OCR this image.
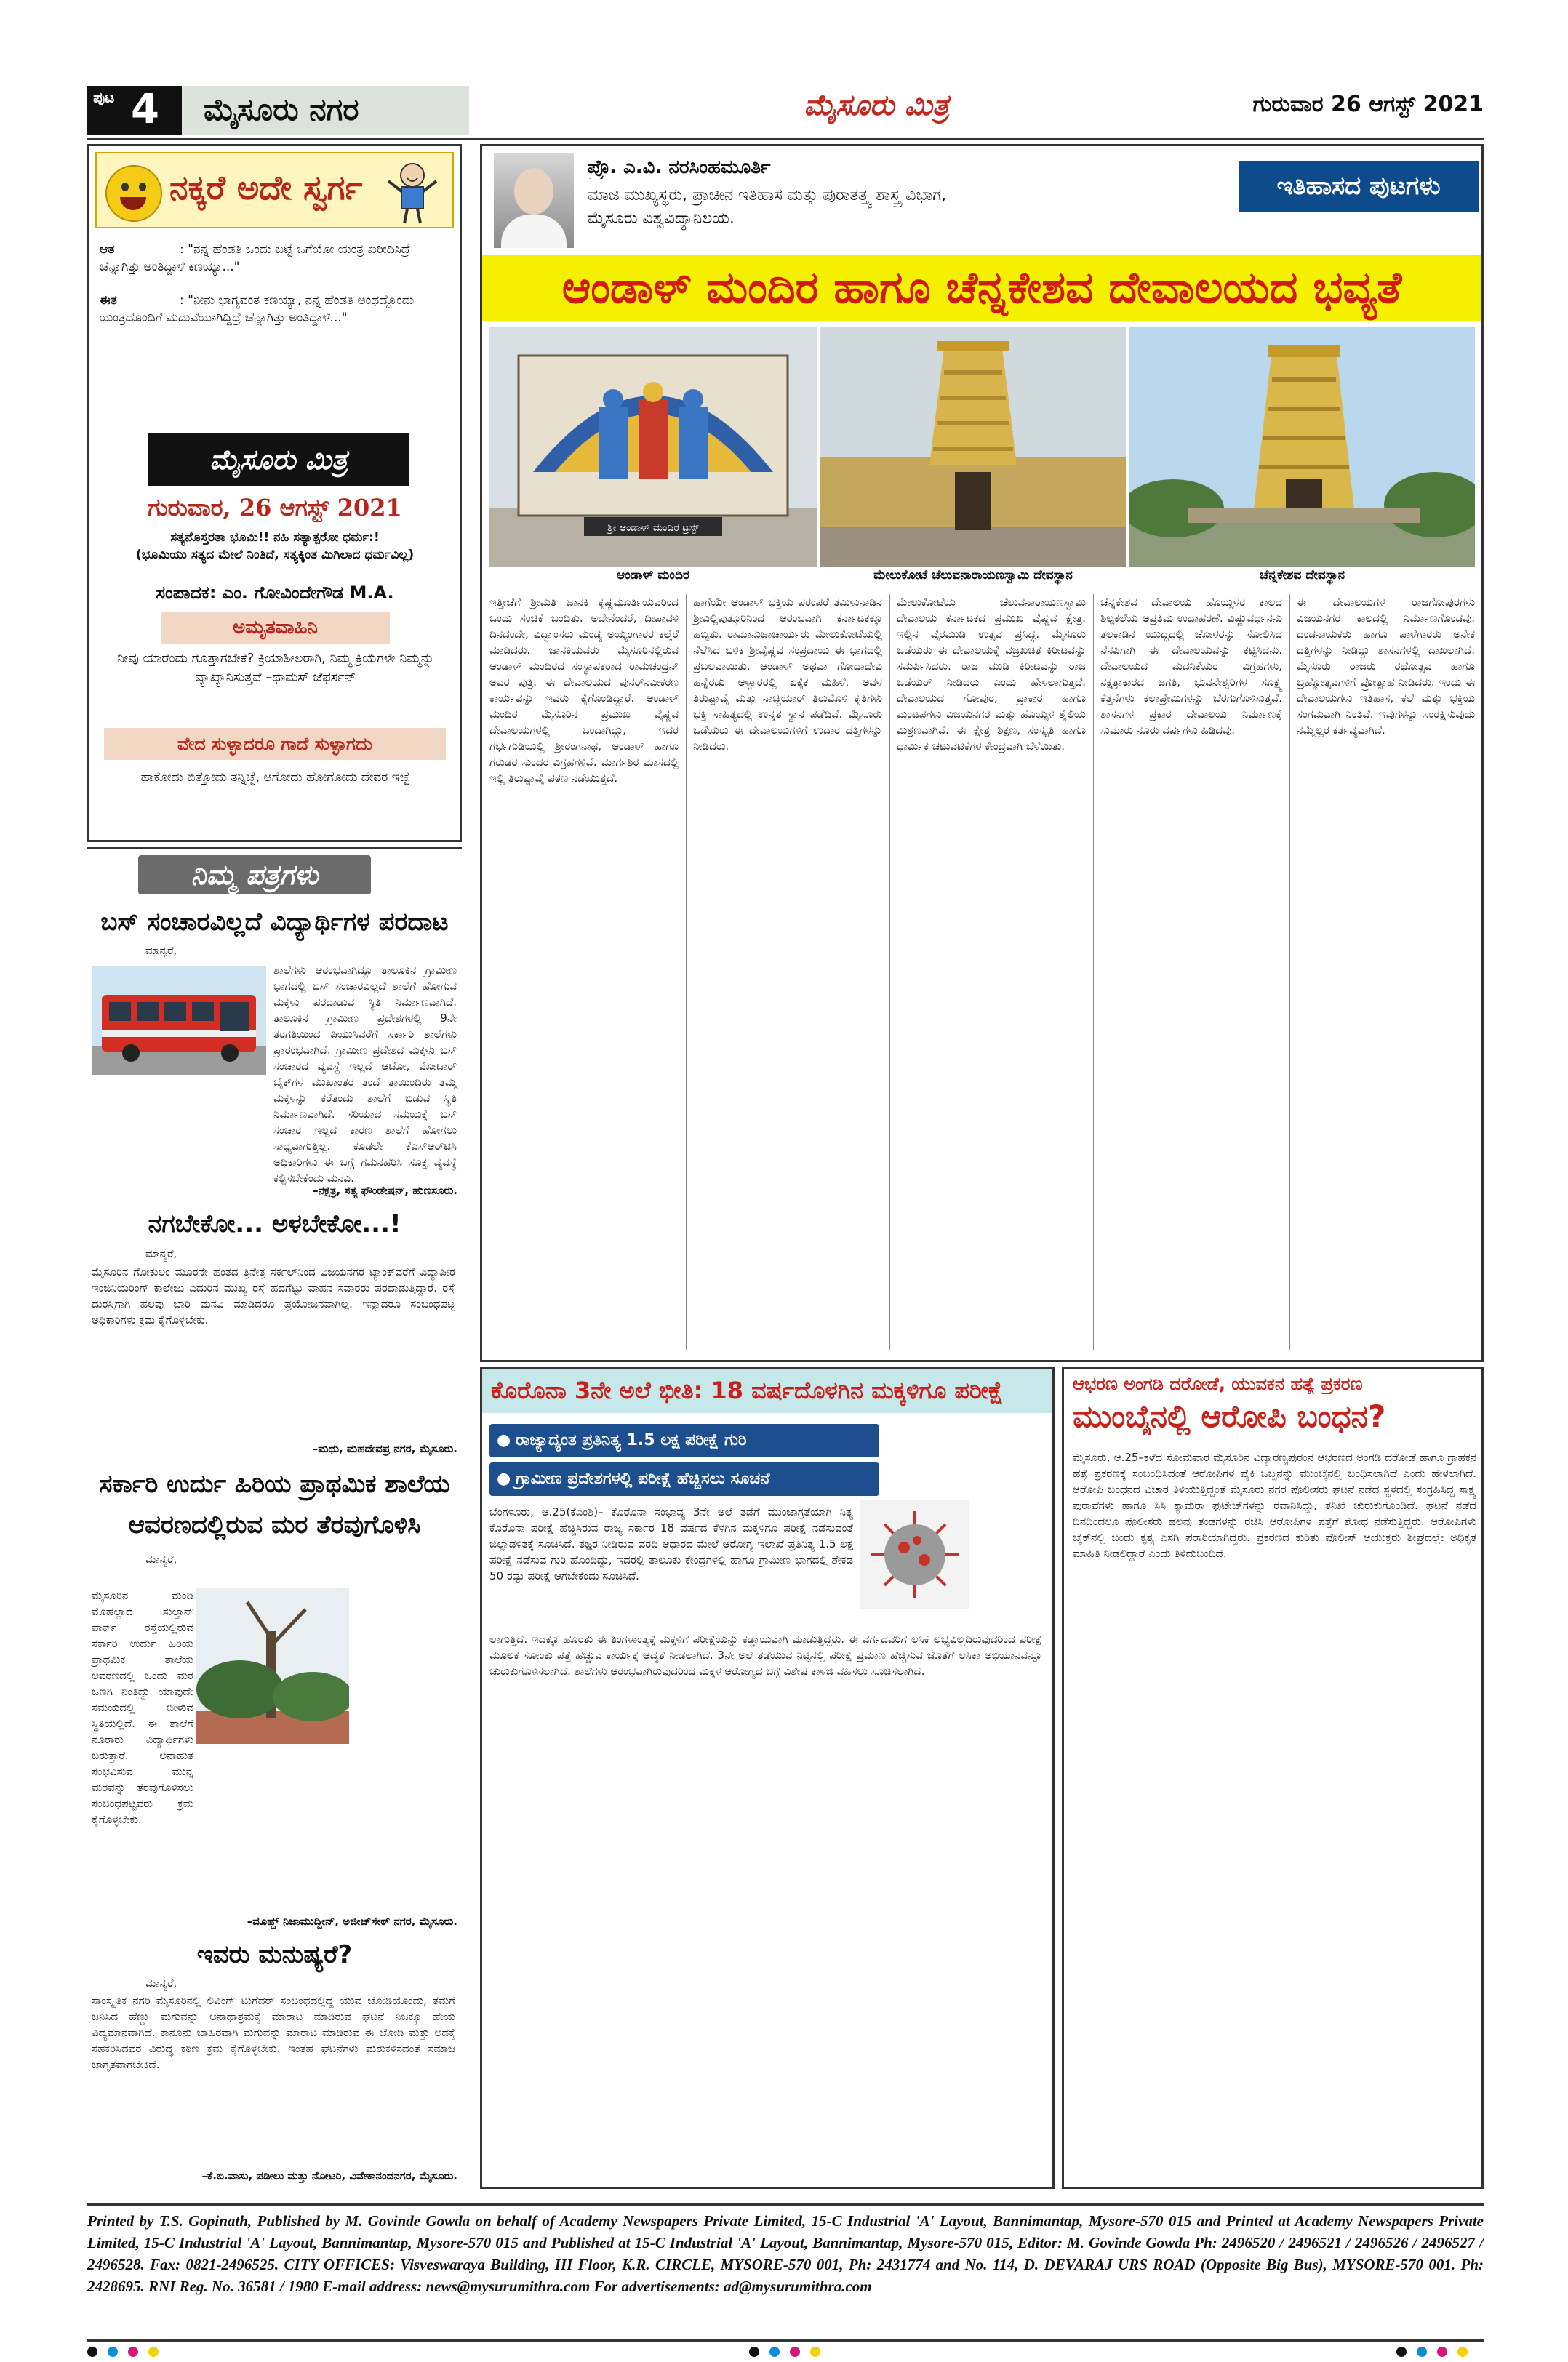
ಪುಟ 4	ಮೈಸೂರು ನಗರ	ಮೈಸೂರು ಮಿತ್ರ	ಗುರುವಾರ 26 ಆಗಸ್ಟ್ 2021
ನಕ್ಕರೆ ಅದೇ ಸ್ವರ್ಗ
ಆತ	: "ನನ್ನ ಹೆಂಡತಿ ಒಂದು ಬಟ್ಟೆ ಒಗೆಯೋ ಯಂತ್ರ ಖರೀದಿಸಿದ್ರೆ ಚೆನ್ನಾಗಿತ್ತು ಅಂತಿದ್ದಾಳೆ ಕಣಯ್ಯಾ..."
ಈತ	: "ನೀನು ಭಾಗ್ಯವಂತ ಕಣಯ್ಯಾ, ನನ್ನ ಹೆಂಡತಿ ಅಂಥದ್ದೊಂದು ಯಂತ್ರದೊಂದಿಗೆ ಮದುವೆಯಾಗಿದ್ದಿದ್ರೆ ಚೆನ್ನಾಗಿತ್ತು ಅಂತಿದ್ದಾಳೆ..."
ಮೈಸೂರು ಮಿತ್ರ
ಗುರುವಾರ, 26 ಆಗಸ್ಟ್ 2021
ಸತ್ಯನೊಸ್ತರತಾ ಭೂಮಿ!! ನಹಿ ಸತ್ಯಾತ್ಪರೋ ಧರ್ಮ:!
(ಭೂಮಿಯು ಸತ್ಯದ ಮೇಲೆ ನಿಂತಿದೆ, ಸತ್ಯಕ್ಕಿಂತ ಮಿಗಿಲಾದ ಧರ್ಮವಿಲ್ಲ)
ಸಂಪಾದಕ: ಎಂ. ಗೋವಿಂದೇಗೌಡ M.A.
ಅಮೃತವಾಹಿನಿ
ನೀವು ಯಾರೆಂದು ಗೊತ್ತಾಗಬೇಕೆ? ಕ್ರಿಯಾಶೀಲರಾಗಿ, ನಿಮ್ಮ ಕ್ರಿಯೆಗಳೇ ನಿಮ್ಮನ್ನು ವ್ಯಾಖ್ಯಾನಿಸುತ್ತವೆ –ಥಾಮಸ್ ಜೆಫರ್ಸನ್
ವೇದ ಸುಳ್ಳಾದರೂ ಗಾದೆ ಸುಳ್ಳಾಗದು
ಹಾಕೋದು ಬಿತ್ತೋದು ತನ್ನಿಚ್ಛೆ, ಆಗೋದು ಹೋಗೋದು ದೇವರ ಇಚ್ಛೆ
ನಿಮ್ಮ ಪತ್ರಗಳು
ಬಸ್ ಸಂಚಾರವಿಲ್ಲದೆ ವಿದ್ಯಾರ್ಥಿಗಳ ಪರದಾಟ
ಮಾನ್ಯರೆ,
ಶಾಲೆಗಳು ಆರಂಭವಾಗಿದ್ದೂ ತಾಲೂಕಿನ ಗ್ರಾಮೀಣ ಭಾಗದಲ್ಲಿ ಬಸ್ ಸಂಚಾರವಿಲ್ಲದೆ ಶಾಲೆಗೆ ಹೋಗುವ ಮಕ್ಕಳು ಪರದಾಡುವ ಸ್ಥಿತಿ ನಿರ್ಮಾಣವಾಗಿದೆ. ತಾಲೂಕಿನ ಗ್ರಾಮೀಣ ಪ್ರದೇಶಗಳಲ್ಲಿ 9ನೇ ತರಗತಿಯಿಂದ ಪಿಯುಸಿವರೆಗೆ ಸರ್ಕಾರಿ ಶಾಲೆಗಳು ಪ್ರಾರಂಭವಾಗಿದೆ. ಗ್ರಾಮೀಣ ಪ್ರದೇಶದ ಮಕ್ಕಳು ಬಸ್ ಸಂಚಾರದ ವ್ಯವಸ್ಥೆ ಇಲ್ಲದೆ ಆಟೋ, ಮೋಟಾರ್ ಬೈಕ್‌ಗಳ ಮುಖಾಂತರ ತಂದೆ ತಾಯಿಂದಿರು ತಮ್ಮ ಮಕ್ಕಳನ್ನು ಕರೆತಂದು ಶಾಲೆಗೆ ಬಿಡುವ ಸ್ಥಿತಿ ನಿರ್ಮಾಣವಾಗಿದೆ. ಸರಿಯಾದ ಸಮಯಕ್ಕೆ ಬಸ್ ಸಂಚಾರ ಇಲ್ಲದ ಕಾರಣ ಶಾಲೆಗೆ ಹೋಗಲು ಸಾಧ್ಯವಾಗುತ್ತಿಲ್ಲ. ಕೂಡಲೇ ಕೆಎಸ್‌ಆರ್‌ಟಿಸಿ ಅಧಿಕಾರಿಗಳು ಈ ಬಗ್ಗೆ ಗಮನಹರಿಸಿ ಸೂಕ್ತ ವ್ಯವಸ್ಥೆ ಕಲ್ಪಿಸಬೇಕೆಂದು ಮನವಿ.
–ನಕ್ಷತ್ರ, ಸತ್ಯ ಫೌಂಡೇಷನ್, ಹುಣಸೂರು.
ನಗಬೇಕೋ... ಅಳಬೇಕೋ...!
ಮಾನ್ಯರೆ,
ಮೈಸೂರಿನ ಗೋಕುಲಂ ಮೂರನೇ ಹಂತದ ತ್ರಿನೇತ್ರ ಸರ್ಕಲ್‌ನಿಂದ ವಿಜಯನಗರ ಟ್ಯಾಂಕ್‌ವರೆಗೆ ವಿದ್ಯಾಪೀಠ ಇಂಜಿನಿಯರಿಂಗ್ ಕಾಲೇಜು ಎದುರಿನ ಮುಖ್ಯ ರಸ್ತೆ ಹದಗೆಟ್ಟು ವಾಹನ ಸವಾರರು ಪರದಾಡುತ್ತಿದ್ದಾರೆ. ರಸ್ತೆ ದುರಸ್ತಿಗಾಗಿ ಹಲವು ಬಾರಿ ಮನವಿ ಮಾಡಿದರೂ ಪ್ರಯೋಜನವಾಗಿಲ್ಲ. ಇನ್ನಾದರೂ ಸಂಬಂಧಪಟ್ಟ ಅಧಿಕಾರಿಗಳು ಕ್ರಮ ಕೈಗೊಳ್ಳಬೇಕು.
–ಮಧು, ಮಹದೇವಪ್ರ ನಗರ, ಮೈಸೂರು.
ಸರ್ಕಾರಿ ಉರ್ದು ಹಿರಿಯ ಪ್ರಾಥಮಿಕ ಶಾಲೆಯ ಆವರಣದಲ್ಲಿರುವ ಮರ ತೆರವುಗೊಳಿಸಿ
ಮಾನ್ಯರೆ,
ಮೈಸೂರಿನ ಮಂಡಿ ಮೊಹಲ್ಲಾದ ಸುಲ್ತಾನ್ ಪಾರ್ಕ್ ರಸ್ತೆಯಲ್ಲಿರುವ ಸರ್ಕಾರಿ ಉರ್ದು ಹಿರಿಯ ಪ್ರಾಥಮಿಕ ಶಾಲೆಯ ಆವರಣದಲ್ಲಿ ಒಂದು ಮರ ಒಣಗಿ ನಿಂತಿದ್ದು ಯಾವುದೇ ಸಮಯದಲ್ಲಿ ಬೀಳುವ ಸ್ಥಿತಿಯಲ್ಲಿದೆ. ಈ ಶಾಲೆಗೆ ನೂರಾರು ವಿದ್ಯಾರ್ಥಿಗಳು ಬರುತ್ತಾರೆ. ಅನಾಹುತ ಸಂಭವಿಸುವ ಮುನ್ನ ಮರವನ್ನು ತೆರವುಗೊಳಿಸಲು ಸಂಬಂಧಪಟ್ಟವರು ಕ್ರಮ ಕೈಗೊಳ್ಳಬೇಕು.
–ಮೊಹ್ದ್ ನಿಜಾಮುದ್ದೀನ್, ಅಜೀಜ್‌ಸೇಠ್ ನಗರ, ಮೈಸೂರು.
ಇವರು ಮನುಷ್ಯರೆ?
ಮಾನ್ಯರೆ,
ಸಾಂಸ್ಕೃತಿಕ ನಗರಿ ಮೈಸೂರಿನಲ್ಲಿ ಲಿವಿಂಗ್ ಟುಗೆದರ್ ಸಂಬಂಧದಲ್ಲಿದ್ದ ಯುವ ಜೋಡಿಯೊಂದು, ತಮಗೆ ಜನಿಸಿದ ಹೆಣ್ಣು ಮಗುವನ್ನು ಅನಾಥಾಶ್ರಮಕ್ಕೆ ಮಾರಾಟ ಮಾಡಿರುವ ಘಟನೆ ನಿಜಕ್ಕೂ ಹೇಯ ವಿದ್ಯಮಾನವಾಗಿದೆ. ಕಾನೂನು ಬಾಹಿರವಾಗಿ ಮಗುವನ್ನು ಮಾರಾಟ ಮಾಡಿರುವ ಈ ಜೋಡಿ ಮತ್ತು ಅದಕ್ಕೆ ಸಹಕರಿಸಿದವರ ವಿರುದ್ಧ ಕಠಿಣ ಕ್ರಮ ಕೈಗೊಳ್ಳಬೇಕು. ಇಂತಹ ಘಟನೆಗಳು ಮರುಕಳಿಸದಂತೆ ಸಮಾಜ ಜಾಗೃತವಾಗಬೇಕಿದೆ.
–ಕೆ.ಬಿ.ವಾಸು, ಪಡೀಲು ಮತ್ತು ನೋಟರಿ, ವಿವೇಕಾನಂದನಗರ, ಮೈಸೂರು.
ಪ್ರೊ. ಎ.ವಿ. ನರಸಿಂಹಮೂರ್ತಿ
ಮಾಜಿ ಮುಖ್ಯಸ್ಥರು, ಪ್ರಾಚೀನ ಇತಿಹಾಸ ಮತ್ತು ಪುರಾತತ್ತ್ವ ಶಾಸ್ತ್ರ ವಿಭಾಗ,
ಮೈಸೂರು ವಿಶ್ವವಿದ್ಯಾನಿಲಯ.
ಇತಿಹಾಸದ ಪುಟಗಳು
ಆಂಡಾಳ್ ಮಂದಿರ ಹಾಗೂ ಚೆನ್ನಕೇಶವ ದೇವಾಲಯದ ಭವ್ಯತೆ
ಶ್ರೀ ಆಂಡಾಳ್ ಮಂದಿರ ಟ್ರಸ್ಟ್
ಆಂಡಾಳ್ ಮಂದಿರ	ಮೇಲುಕೋಟೆ ಚೆಲುವನಾರಾಯಣಸ್ವಾಮಿ ದೇವಸ್ಥಾನ	ಚೆನ್ನಕೇಶವ ದೇವಸ್ಥಾನ
ಇತ್ತೀಚೆಗೆ ಶ್ರೀಮತಿ ಜಾನಕಿ ಕೃಷ್ಣಮೂರ್ತಿಯವರಿಂದ ಒಂದು ಸಂಚಿಕೆ ಬಂದಿತು. ಅದೇನೆಂದರೆ, ದೀಪಾವಳಿ ದಿನದಂದೇ, ವಿದ್ವಾಂಸರು ಮಂಡ್ಯ ಅಯ್ಯಂಗಾರರ ಕಲ್ಕೆರೆ ಮಾಡಿದರು. ಜಾನಕಿಯವರು ಮೈಸೂರಿನಲ್ಲಿರುವ ಆಂಡಾಳ್ ಮಂದಿರದ ಸಂಸ್ಥಾಪಕರಾದ ರಾಮಚಂದ್ರನ್ ಅವರ ಪುತ್ರಿ. ಈ ದೇವಾಲಯದ ಪುನರ್‌ನವೀಕರಣ ಕಾರ್ಯವನ್ನು ಇವರು ಕೈಗೊಂಡಿದ್ದಾರೆ. ಆಂಡಾಳ್ ಮಂದಿರ ಮೈಸೂರಿನ ಪ್ರಮುಖ ವೈಷ್ಣವ ದೇವಾಲಯಗಳಲ್ಲಿ ಒಂದಾಗಿದ್ದು, ಇದರ ಗರ್ಭಗುಡಿಯಲ್ಲಿ ಶ್ರೀರಂಗನಾಥ, ಆಂಡಾಳ್ ಹಾಗೂ ಗರುಡರ ಸುಂದರ ವಿಗ್ರಹಗಳಿವೆ. ಮಾರ್ಗಶಿರ ಮಾಸದಲ್ಲಿ ಇಲ್ಲಿ ತಿರುಪ್ಪಾವೈ ಪಠಣ ನಡೆಯುತ್ತದೆ.
ಹಾಗೆಯೇ ಆಂಡಾಳ್ ಭಕ್ತಿಯ ಪರಂಪರೆ ತಮಿಳುನಾಡಿನ ಶ್ರೀವಿಲ್ಲಿಪುತ್ತೂರಿನಿಂದ ಆರಂಭವಾಗಿ ಕರ್ನಾಟಕಕ್ಕೂ ಹಬ್ಬಿತು. ರಾಮಾನುಜಾಚಾರ್ಯರು ಮೇಲುಕೋಟೆಯಲ್ಲಿ ನೆಲೆಸಿದ ಬಳಿಕ ಶ್ರೀವೈಷ್ಣವ ಸಂಪ್ರದಾಯ ಈ ಭಾಗದಲ್ಲಿ ಪ್ರಬಲವಾಯಿತು. ಆಂಡಾಳ್ ಅಥವಾ ಗೋದಾದೇವಿ ಹನ್ನೆರಡು ಆಳ್ವಾರರಲ್ಲಿ ಏಕೈಕ ಮಹಿಳೆ. ಅವಳ ತಿರುಪ್ಪಾವೈ ಮತ್ತು ನಾಚ್ಚಿಯಾರ್ ತಿರುಮೊಳಿ ಕೃತಿಗಳು ಭಕ್ತಿ ಸಾಹಿತ್ಯದಲ್ಲಿ ಉನ್ನತ ಸ್ಥಾನ ಪಡೆದಿವೆ. ಮೈಸೂರು ಒಡೆಯರು ಈ ದೇವಾಲಯಗಳಿಗೆ ಉದಾರ ದತ್ತಿಗಳನ್ನು ನೀಡಿದರು.
ಮೇಲುಕೋಟೆಯ ಚೆಲುವನಾರಾಯಣಸ್ವಾಮಿ ದೇವಾಲಯ ಕರ್ನಾಟಕದ ಪ್ರಮುಖ ವೈಷ್ಣವ ಕ್ಷೇತ್ರ. ಇಲ್ಲಿನ ವೈರಮುಡಿ ಉತ್ಸವ ಪ್ರಸಿದ್ಧ. ಮೈಸೂರು ಒಡೆಯರು ಈ ದೇವಾಲಯಕ್ಕೆ ವಜ್ರಖಚಿತ ಕಿರೀಟವನ್ನು ಸಮರ್ಪಿಸಿದರು. ರಾಜ ಮುಡಿ ಕಿರೀಟವನ್ನು ರಾಜ ಒಡೆಯರ್ ನೀಡಿದರು ಎಂದು ಹೇಳಲಾಗುತ್ತದೆ. ದೇವಾಲಯದ ಗೋಪುರ, ಪ್ರಾಕಾರ ಹಾಗೂ ಮಂಟಪಗಳು ವಿಜಯನಗರ ಮತ್ತು ಹೊಯ್ಸಳ ಶೈಲಿಯ ಮಿಶ್ರಣವಾಗಿವೆ. ಈ ಕ್ಷೇತ್ರ ಶಿಕ್ಷಣ, ಸಂಸ್ಕೃತಿ ಹಾಗೂ ಧಾರ್ಮಿಕ ಚಟುವಟಿಕೆಗಳ ಕೇಂದ್ರವಾಗಿ ಬೆಳೆಯಿತು.
ಚೆನ್ನಕೇಶವ ದೇವಾಲಯ ಹೊಯ್ಸಳರ ಕಾಲದ ಶಿಲ್ಪಕಲೆಯ ಅಪ್ರತಿಮ ಉದಾಹರಣೆ. ವಿಷ್ಣುವರ್ಧನನು ತಲಕಾಡಿನ ಯುದ್ಧದಲ್ಲಿ ಚೋಳರನ್ನು ಸೋಲಿಸಿದ ನೆನಪಿಗಾಗಿ ಈ ದೇವಾಲಯವನ್ನು ಕಟ್ಟಿಸಿದನು. ದೇವಾಲಯದ ಮದನಿಕೆಯರ ವಿಗ್ರಹಗಳು, ನಕ್ಷತ್ರಾಕಾರದ ಜಗತಿ, ಭುವನೇಶ್ವರಿಗಳ ಸೂಕ್ಷ್ಮ ಕೆತ್ತನೆಗಳು ಕಲಾಪ್ರೇಮಿಗಳನ್ನು ಬೆರಗುಗೊಳಿಸುತ್ತವೆ. ಶಾಸನಗಳ ಪ್ರಕಾರ ದೇವಾಲಯ ನಿರ್ಮಾಣಕ್ಕೆ ಸುಮಾರು ನೂರು ವರ್ಷಗಳು ಹಿಡಿದವು.
ಈ ದೇವಾಲಯಗಳ ರಾಜಗೋಪುರಗಳು ವಿಜಯನಗರ ಕಾಲದಲ್ಲಿ ನಿರ್ಮಾಣಗೊಂಡವು. ದಂಡನಾಯಕರು ಹಾಗೂ ಪಾಳೆಗಾರರು ಅನೇಕ ದತ್ತಿಗಳನ್ನು ನೀಡಿದ್ದು ಶಾಸನಗಳಲ್ಲಿ ದಾಖಲಾಗಿದೆ. ಮೈಸೂರು ರಾಜರು ರಥೋತ್ಸವ ಹಾಗೂ ಬ್ರಹ್ಮೋತ್ಸವಗಳಿಗೆ ಪ್ರೋತ್ಸಾಹ ನೀಡಿದರು. ಇಂದು ಈ ದೇವಾಲಯಗಳು ಇತಿಹಾಸ, ಕಲೆ ಮತ್ತು ಭಕ್ತಿಯ ಸಂಗಮವಾಗಿ ನಿಂತಿವೆ. ಇವುಗಳನ್ನು ಸಂರಕ್ಷಿಸುವುದು ನಮ್ಮೆಲ್ಲರ ಕರ್ತವ್ಯವಾಗಿದೆ.
ಕೊರೊನಾ 3ನೇ ಅಲೆ ಭೀತಿ: 18 ವರ್ಷದೊಳಗಿನ ಮಕ್ಕಳಿಗೂ ಪರೀಕ್ಷೆ
● ರಾಜ್ಯಾದ್ಯಂತ ಪ್ರತಿನಿತ್ಯ 1.5 ಲಕ್ಷ ಪರೀಕ್ಷೆ ಗುರಿ
● ಗ್ರಾಮೀಣ ಪ್ರದೇಶಗಳಲ್ಲಿ ಪರೀಕ್ಷೆ ಹೆಚ್ಚಿಸಲು ಸೂಚನೆ
ಬೆಂಗಳೂರು, ಆ.25(ಕೆಎಂಶಿ)– ಕೊರೊನಾ ಸಂಭಾವ್ಯ 3ನೇ ಅಲೆ ತಡೆಗೆ ಮುಂಜಾಗ್ರತೆಯಾಗಿ ನಿತ್ಯ ಕೊರೊನಾ ಪರೀಕ್ಷೆ ಹೆಚ್ಚಿಸಿರುವ ರಾಜ್ಯ ಸರ್ಕಾರ 18 ವರ್ಷದ ಕೆಳಗಿನ ಮಕ್ಕಳಿಗೂ ಪರೀಕ್ಷೆ ನಡೆಸುವಂತೆ ಜಿಲ್ಲಾಡಳಿತಕ್ಕೆ ಸೂಚಿಸಿದೆ. ತಜ್ಞರ ನೀಡಿರುವ ವರದಿ ಆಧಾರದ ಮೇಲೆ ಆರೋಗ್ಯ ಇಲಾಖೆ ಪ್ರತಿನಿತ್ಯ 1.5 ಲಕ್ಷ ಪರೀಕ್ಷೆ ನಡೆಸುವ ಗುರಿ ಹೊಂದಿದ್ದು, ಇದರಲ್ಲಿ ತಾಲೂಕು ಕೇಂದ್ರಗಳಲ್ಲಿ ಹಾಗೂ ಗ್ರಾಮೀಣ ಭಾಗದಲ್ಲಿ ಶೇಕಡ 50 ರಷ್ಟು ಪರೀಕ್ಷೆ ಆಗಬೇಕೆಂದು ಸೂಚಿಸಿದೆ.
ಲಾಗುತ್ತಿದೆ. ಇದಕ್ಕೂ ಹೊರತು ಈ ತಿಂಗಳಾಂತ್ಯಕ್ಕೆ ಮಕ್ಕಳಿಗೆ ಪರೀಕ್ಷೆಯನ್ನು ಕಡ್ಡಾಯವಾಗಿ ಮಾಡುತ್ತಿದ್ದರು. ಈ ವರ್ಗದವರಿಗೆ ಲಸಿಕೆ ಲಭ್ಯವಿಲ್ಲದಿರುವುದರಿಂದ ಪರೀಕ್ಷೆ ಮೂಲಕ ಸೋಂಕು ಪತ್ತೆ ಹಚ್ಚುವ ಕಾರ್ಯಕ್ಕೆ ಆದ್ಯತೆ ನೀಡಲಾಗಿದೆ. 3ನೇ ಅಲೆ ತಡೆಯುವ ನಿಟ್ಟಿನಲ್ಲಿ ಪರೀಕ್ಷೆ ಪ್ರಮಾಣ ಹೆಚ್ಚಿಸುವ ಜೊತೆಗೆ ಲಸಿಕಾ ಅಭಿಯಾನವನ್ನೂ ಚುರುಕುಗೊಳಿಸಲಾಗಿದೆ. ಶಾಲೆಗಳು ಆರಂಭವಾಗಿರುವುದರಿಂದ ಮಕ್ಕಳ ಆರೋಗ್ಯದ ಬಗ್ಗೆ ವಿಶೇಷ ಕಾಳಜಿ ವಹಿಸಲು ಸೂಚಿಸಲಾಗಿದೆ.
ಆಭರಣ ಅಂಗಡಿ ದರೋಡೆ, ಯುವಕನ ಹತ್ಯೆ ಪ್ರಕರಣ
ಮುಂಬೈನಲ್ಲಿ ಆರೋಪಿ ಬಂಧನ?
ಮೈಸೂರು, ಆ.25–ಕಳೆದ ಸೋಮವಾರ ಮೈಸೂರಿನ ವಿದ್ಯಾರಣ್ಯಪುರಂನ ಆಭರಣದ ಅಂಗಡಿ ದರೋಡೆ ಹಾಗೂ ಗ್ರಾಹಕನ ಹತ್ಯೆ ಪ್ರಕರಣಕ್ಕೆ ಸಂಬಂಧಿಸಿದಂತೆ ಆರೋಪಿಗಳ ಪೈಕಿ ಒಬ್ಬನನ್ನು ಮುಂಬೈನಲ್ಲಿ ಬಂಧಿಸಲಾಗಿದೆ ಎಂದು ಹೇಳಲಾಗಿದೆ. ಆರೋಪಿ ಬಂಧನದ ವಿಚಾರ ತಿಳಿಯುತ್ತಿದ್ದಂತೆ ಮೈಸೂರು ನಗರ ಪೊಲೀಸರು ಘಟನೆ ನಡೆದ ಸ್ಥಳದಲ್ಲಿ ಸಂಗ್ರಹಿಸಿದ್ದ ಸಾಕ್ಷ್ಯ ಪುರಾವೆಗಳು ಹಾಗೂ ಸಿಸಿ ಕ್ಯಾಮರಾ ಫುಟೇಜ್‌ಗಳನ್ನು ರವಾನಿಸಿದ್ದು, ತನಿಖೆ ಚುರುಕುಗೊಂಡಿದೆ. ಘಟನೆ ನಡೆದ ದಿನದಿಂದಲೂ ಪೊಲೀಸರು ಹಲವು ತಂಡಗಳನ್ನು ರಚಿಸಿ ಆರೋಪಿಗಳ ಪತ್ತೆಗೆ ಶೋಧ ನಡೆಸುತ್ತಿದ್ದರು. ಆರೋಪಿಗಳು ಬೈಕ್‌ನಲ್ಲಿ ಬಂದು ಕೃತ್ಯ ಎಸಗಿ ಪರಾರಿಯಾಗಿದ್ದರು. ಪ್ರಕರಣದ ಕುರಿತು ಪೊಲೀಸ್ ಆಯುಕ್ತರು ಶೀಘ್ರದಲ್ಲೇ ಅಧಿಕೃತ ಮಾಹಿತಿ ನೀಡಲಿದ್ದಾರೆ ಎಂದು ತಿಳಿದುಬಂದಿದೆ.
Printed by T.S. Gopinath, Published by M. Govinde Gowda on behalf of Academy Newspapers Private Limited, 15-C Industrial 'A' Layout, Bannimantap, Mysore-570 015 and Printed at Academy Newspapers Private Limited, 15-C Industrial 'A' Layout, Bannimantap, Mysore-570 015 and Published at 15-C Industrial 'A' Layout, Bannimantap, Mysore-570 015, Editor: M. Govinde Gowda Ph: 2496520 / 2496521 / 2496526 / 2496527 / 2496528. Fax: 0821-2496525. CITY OFFICES: Visveswaraya Building, III Floor, K.R. CIRCLE, MYSORE-570 001, Ph: 2431774 and No. 114, D. DEVARAJ URS ROAD (Opposite Big Bus), MYSORE-570 001. Ph: 2428695. RNI Reg. No. 36581 / 1980 E-mail address: news@mysurumithra.com For advertisements: ad@mysurumithra.com
